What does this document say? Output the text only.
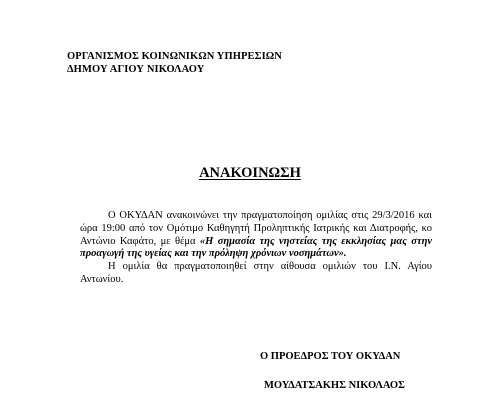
ΟΡΓΑΝΙΣΜΟΣ ΚΟΙΝΩΝΙΚΩΝ ΥΠΗΡΕΣΙΩΝ
ΔΗΜΟΥ ΑΓΙΟΥ ΝΙΚΟΛΑΟΥ
ΑΝΑΚΟΙΝΩΣΗ

Ο ΟΚΥΔΑΝ ανακοινώνει την πραγματοποίηση ομιλίας στις 29/3/2016 και ώρα 19:00 από τον Ομότιμο Καθηγητή Προληπτικής Ιατρικής και Διατροφής, κο Αντώνιο Καφάτο, με θέμα «Η σημασία της νηστείας της εκκλησίας μας στην προαγωγή της υγείας και την πρόληψη χρόνιων νοσημάτων».

Η ομιλία θα πραγματοποιηθεί στην αίθουσα ομιλιών του Ι.Ν. Αγίου Αντωνίου.

Ο ΠΡΟΕΔΡΟΣ ΤΟΥ ΟΚΥΔΑΝ
ΜΟΥΔΑΤΣΑΚΗΣ ΝΙΚΟΛΑΟΣ
